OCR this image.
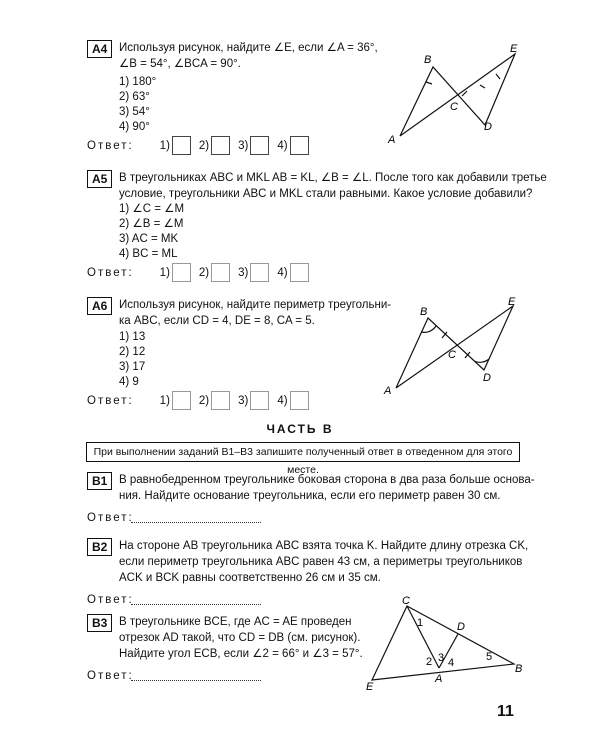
A4	Используя рисунок, найдите ∠E, если ∠A = 36°,
∠B = 54°, ∠BCA = 90°.
1) 180°
2) 63°
3) 54°
4) 90°
Ответ: 1)	2)	3)	4)	A
B
C
D
E
A5	В треугольниках ABC и MKL AB = KL, ∠B = ∠L. После того как добавили третье
условие, треугольники ABC и MKL стали равными. Какое условие добавили?
1) ∠C = ∠M
2) ∠B = ∠M
3) AC = MK
4) BC = ML
Ответ: 1)	2)	3)	4)
A6	Используя рисунок, найдите периметр треугольни-
ка ABC, если CD = 4, DE = 8, CA = 5.
1) 13
2) 12
3) 17
4) 9
Ответ: 1)	2)	3)	4)
A
B
C
D
E
ЧАСТЬ В
При выполнении заданий В1–В3 запишите полученный ответ в отведенном для этого месте.
B1	В равнобедренном треугольнике боковая сторона в два раза больше основа-
ния. Найдите основание треугольника, если его периметр равен 30 см.
Ответ:
B2	На стороне AB треугольника ABC взята точка K. Найдите длину отрезка CK,
если периметр треугольника ABC равен 43 см, а периметры треугольников
ACK и BCK равны соответственно 26 см и 35 см.
Ответ:
B3	В треугольнике BCE, где AC = AE проведен
отрезок AD такой, что CD = DB (см. рисунок).
Найдите угол ECB, если ∠2 = 66° и ∠3 = 57°.
Ответ:
C
B
E
A
D
1
2 3 4	5
11
